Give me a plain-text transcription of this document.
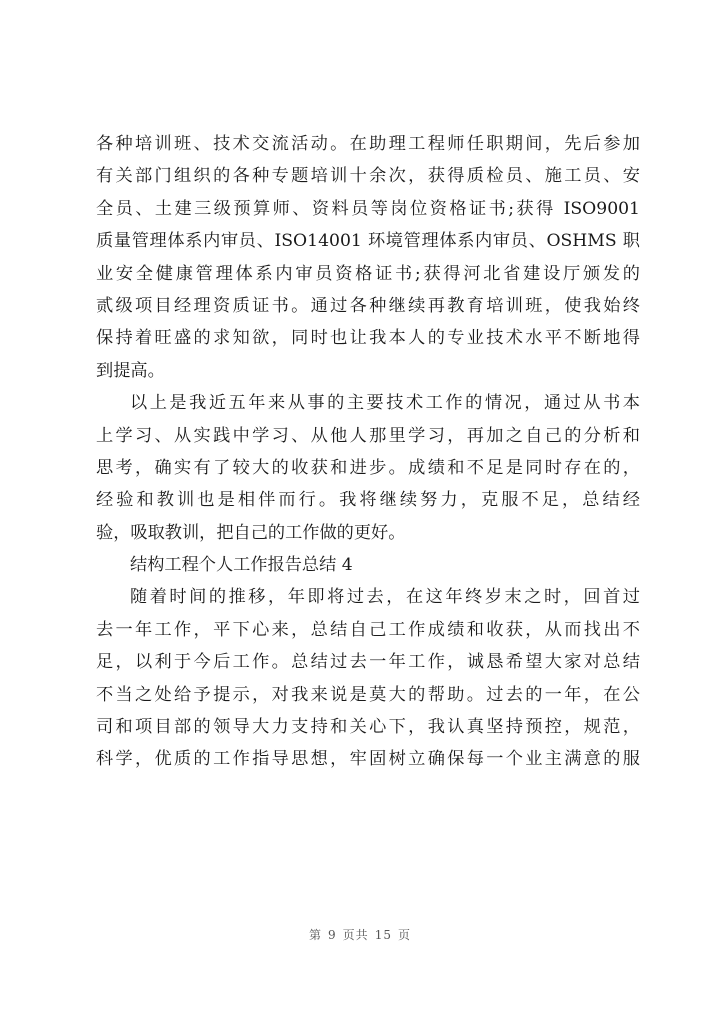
各种培训班、技术交流活动。在助理工程师任职期间，先后参加
有关部门组织的各种专题培训十余次，获得质检员、施工员、安
全员、土建三级预算师、资料员等岗位资格证书;获得 ISO9001
质量管理体系内审员、ISO14001 环境管理体系内审员、OSHMS 职
业安全健康管理体系内审员资格证书;获得河北省建设厅颁发的
贰级项目经理资质证书。通过各种继续再教育培训班，使我始终
保持着旺盛的求知欲，同时也让我本人的专业技术水平不断地得
到提高。
以上是我近五年来从事的主要技术工作的情况，通过从书本
上学习、从实践中学习、从他人那里学习，再加之自己的分析和
思考，确实有了较大的收获和进步。成绩和不足是同时存在的，
经验和教训也是相伴而行。我将继续努力，克服不足，总结经
验，吸取教训，把自己的工作做的更好。
结构工程个人工作报告总结 4
随着时间的推移，年即将过去，在这年终岁末之时，回首过
去一年工作，平下心来，总结自己工作成绩和收获，从而找出不
足，以利于今后工作。总结过去一年工作，诚恳希望大家对总结
不当之处给予提示，对我来说是莫大的帮助。过去的一年，在公
司和项目部的领导大力支持和关心下，我认真坚持预控，规范，
科学，优质的工作指导思想，牢固树立确保每一个业主满意的服
第 9 页共 15 页
